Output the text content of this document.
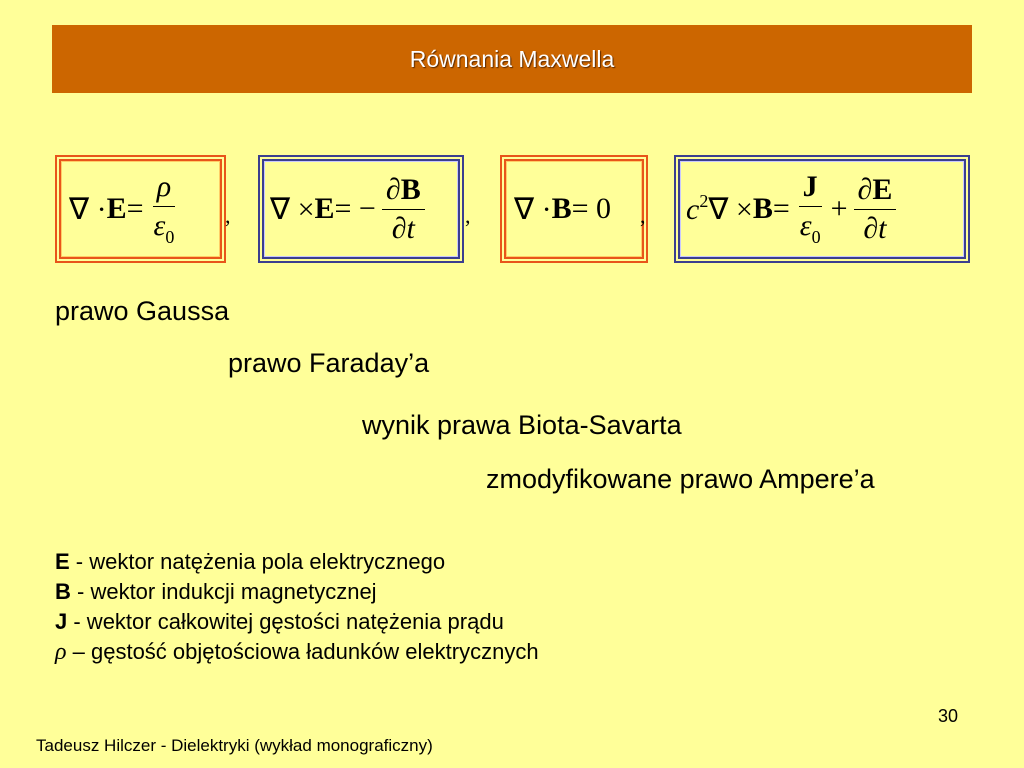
Równania Maxwella
∇ · $E = \frac{\rho}{\varepsilon_0}$ , ∇ × E = − $\frac{\partial B}{\partial t}$ , ∇ · B = 0 , $c^2$ ∇ × $B = \frac{J}{\varepsilon_0} + \frac{\partial E}{\partial t}$
prawo Gaussa
prawo Faraday’a
wynik prawa Biota-Savarta
zmodyfikowane prawo Ampere’a
E - wektor natężenia pola elektrycznego
B - wektor indukcji magnetycznej
J - wektor całkowitej gęstości natężenia prądu
ρ – gęstość objętościowa ładunków elektrycznych
30
Tadeusz Hilczer - Dielektryki (wykład monograficzny)
